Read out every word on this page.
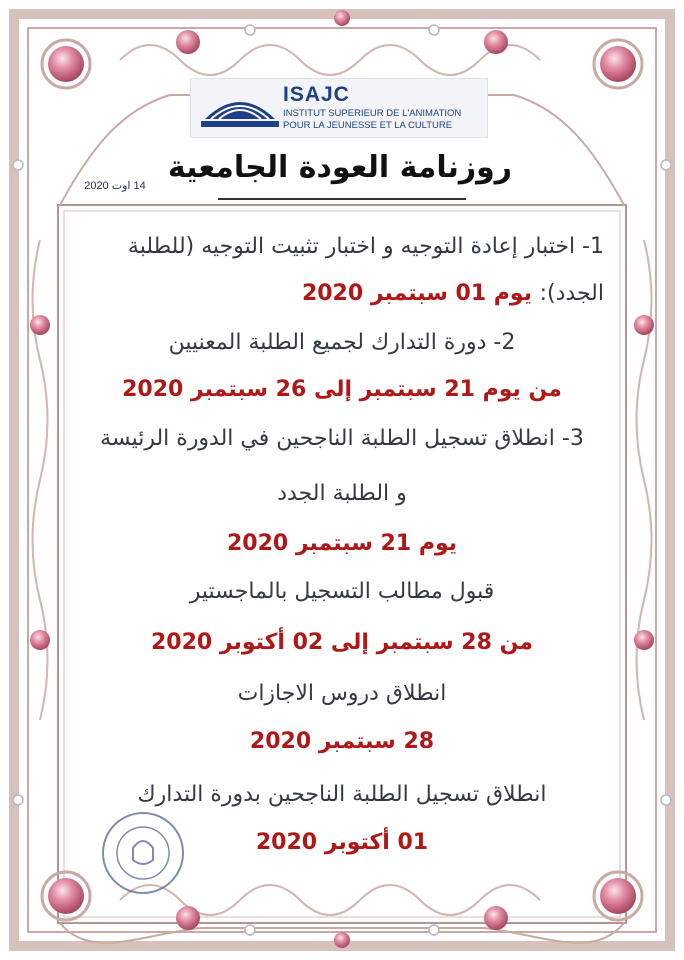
ISAJC
INSTITUT SUPERIEUR DE L'ANIMATION
POUR LA JEUNESSE ET LA CULTURE
14 اوت 2020
روزنامة العودة الجامعية
1- اختبار إعادة التوجيه و اختبار تثبيت التوجيه (للطلبة
الجدد): يوم 01 سبتمبر 2020
2- دورة التدارك لجميع الطلبة المعنيين
من يوم 21 سبتمبر إلى 26 سبتمبر 2020
3- انطلاق تسجيل الطلبة الناجحين في الدورة الرئيسة
و الطلبة الجدد
يوم 21 سبتمبر 2020
قبول مطالب التسجيل بالماجستير
من 28 سبتمبر إلى 02 أكتوبر 2020
انطلاق دروس الاجازات
28 سبتمبر 2020
انطلاق تسجيل الطلبة الناجحين بدورة التدارك
01 أكتوبر 2020
